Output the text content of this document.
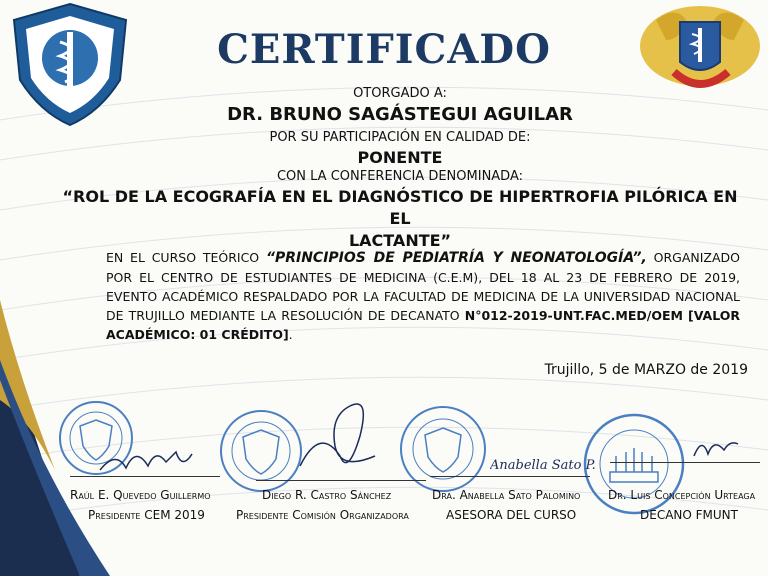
CERTIFICADO
OTORGADO A:
DR. BRUNO SAGÁSTEGUI AGUILAR
POR SU PARTICIPACIÓN EN CALIDAD DE:
PONENTE
CON LA CONFERENCIA DENOMINADA:
“ROL DE LA ECOGRAFÍA EN EL DIAGNÓSTICO DE HIPERTROFIA PILÓRICA EN EL
LACTANTE”
EN EL CURSO TEÓRICO “PRINCIPIOS DE PEDIATRÍA Y NEONATOLOGÍA”, ORGANIZADO POR EL CENTRO DE ESTUDIANTES DE MEDICINA (C.E.M), DEL 18 AL 23 DE FEBRERO DE 2019, EVENTO ACADÉMICO RESPALDADO POR LA FACULTAD DE MEDICINA DE LA UNIVERSIDAD NACIONAL DE TRUJILLO MEDIANTE LA RESOLUCIÓN DE DECANATO N°012-2019-UNT.FAC.MED/OEM [VALOR ACADÉMICO: 01 CRÉDITO].
Trujillo, 5 de MARZO de 2019
Anabella Sato P.
Raúl E. Quevedo Guillermo
Presidente CEM 2019
Diego R. Castro Sánchez
Presidente Comisión Organizadora
Dra. Anabella Sato Palomino
ASESORA DEL CURSO
Dr. Luis Concepción Urteaga
DECANO FMUNT
